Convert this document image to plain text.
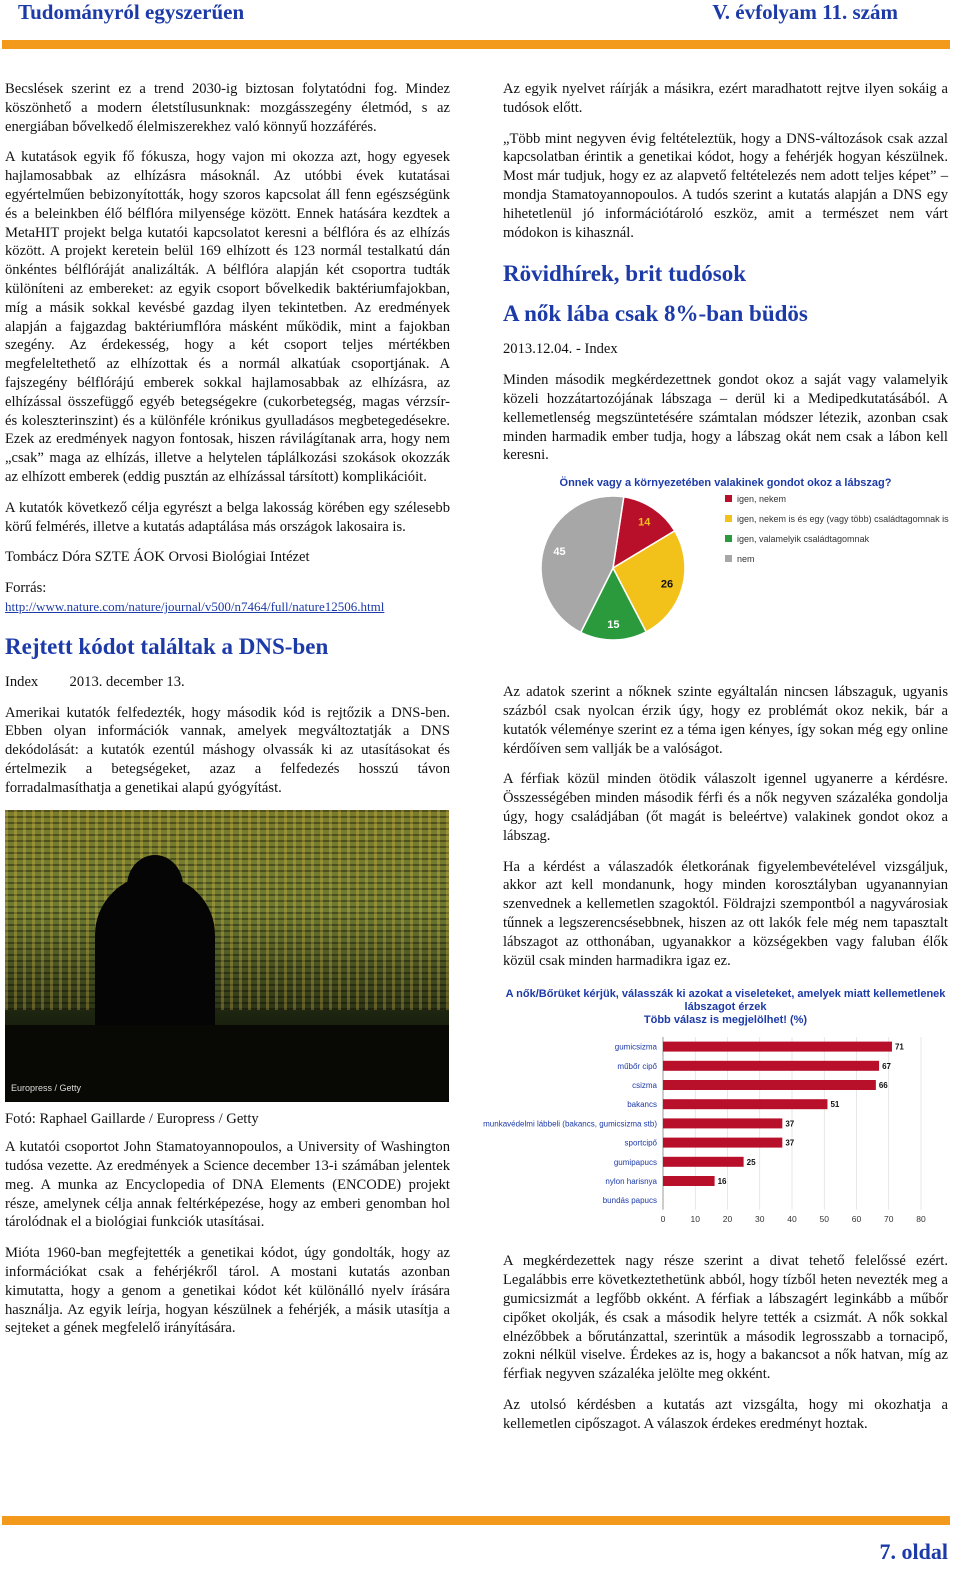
Tudományról egyszerűen	V. évfolyam 11. szám

Becslések szerint ez a trend 2030-ig biztosan folytatódni fog. Mindez köszönhető a modern életstílusunknak: mozgásszegény életmód, s az energiában bővelkedő élelmiszerekhez való könnyű hozzáférés.

A kutatások egyik fő fókusza, hogy vajon mi okozza azt, hogy egyesek hajlamosabbak az elhízásra másoknál. Az utóbbi évek kutatásai egyértelműen bebizonyították, hogy szoros kapcsolat áll fenn egészségünk és a beleinkben élő bélflóra milyensége között. Ennek hatására kezdtek a MetaHIT projekt belga kutatói kapcsolatot keresni a bélflóra és az elhízás között. A projekt keretein belül 169 elhízott és 123 normál testalkatú dán önkéntes bélflóráját analizálták. A bélflóra alapján két csoportra tudták különíteni az embereket: az egyik csoport bővelkedik baktériumfajokban, míg a másik sokkal kevésbé gazdag ilyen tekintetben. Az eredmények alapján a fajgazdag baktériumflóra másként működik, mint a fajokban szegény. Az érdekesség, hogy a két csoport teljes mértékben megfeleltethető az elhízottak és a normál alkatúak csoportjának. A fajszegény bélflórájú emberek sokkal hajlamosabbak az elhízásra, az elhízással összefüggő egyéb betegségekre (cukorbetegség, magas vérzsír- és koleszterinszint) és a különféle krónikus gyulladásos megbetegedésekre. Ezek az eredmények nagyon fontosak, hiszen rávilágítanak arra, hogy nem „csak” maga az elhízás, illetve a helytelen táplálkozási szokások okozzák az elhízott emberek (eddig pusztán az elhízással társított) komplikációit.

A kutatók következő célja egyrészt a belga lakosság körében egy szélesebb körű felmérés, illetve a kutatás adaptálása más országok lakosaira is.

Tombácz Dóra SZTE ÁOK Orvosi Biológiai Intézet

Forrás:
http://www.nature.com/nature/journal/v500/n7464/full/nature12506.html
Rejtett kódot találtak a DNS-ben
Index 2013. december 13.

Amerikai kutatók felfedezték, hogy második kód is rejtőzik a DNS-ben. Ebben olyan információk vannak, amelyek megváltoztatják a DNS dekódolását: a kutatók ezentúl máshogy olvassák ki az utasításokat és értelmezik a betegségeket, azaz a felfedezés hosszú távon forradalmasíthatja a genetikai alapú gyógyítást.

Europress / Getty

Fotó: Raphael Gaillarde / Europress / Getty

A kutatói csoportot John Stamatoyannopoulos, a University of Washington tudósa vezette. Az eredmények a Science december 13-i számában jelentek meg. A munka az Encyclopedia of DNA Elements (ENCODE) projekt része, amelynek célja annak feltérképezése, hogy az emberi genomban hol tárolódnak el a biológiai funkciók utasításai.

Mióta 1960-ban megfejtették a genetikai kódot, úgy gondolták, hogy az információkat csak a fehérjékről tárol. A mostani kutatás azonban kimutatta, hogy a genom a genetikai kódot két különálló nyelv írására használja. Az egyik leírja, hogyan készülnek a fehérjék, a másik utasítja a sejteket a gének megfelelő irányítására.

Az egyik nyelvet ráírják a másikra, ezért maradhatott rejtve ilyen sokáig a tudósok előtt.

„Több mint negyven évig feltételeztük, hogy a DNS-változások csak azzal kapcsolatban érintik a genetikai kódot, hogy a fehérjék hogyan készülnek. Most már tudjuk, hogy ez az alapvető feltételezés nem adott teljes képet” – mondja Stamatoyannopoulos. A tudós szerint a kutatás alapján a DNS egy hihetetlenül jó információtároló eszköz, amit a természet nem várt módokon is kihasznál.

Rövidhírek, brit tudósok
A nők lába csak 8%-ban büdös
2013.12.04. - Index

Minden második megkérdezettnek gondot okoz a saját vagy valamelyik közeli hozzátartozójának lábszaga – derül ki a Medipedkutatásából. A kellemetlenség megszüntetésére számtalan módszer létezik, azonban csak minden harmadik ember tudja, hogy a lábszag okát nem csak a lábon kell keresni.

Önnek vagy a környezetében valakinek gondot okoz a lábszag?
14
26
15
45
igen, nekem
igen, nekem is és egy (vagy több) családtagomnak is
igen, valamelyik családtagomnak
nem

Az adatok szerint a nőknek szinte egyáltalán nincsen lábszaguk, ugyanis százból csak nyolcan érzik úgy, hogy ez problémát okoz nekik, bár a kutatók véleménye szerint ez a téma igen kényes, így sokan még egy online kérdőíven sem vallják be a valóságot.

A férfiak közül minden ötödik válaszolt igennel ugyanerre a kérdésre. Összességében minden második férfi és a nők negyven százaléka gondolja úgy, hogy családjában (őt magát is beleértve) valakinek gondot okoz a lábszag.

Ha a kérdést a válaszadók életkorának figyelembevételével vizsgáljuk, akkor azt kell mondanunk, hogy minden korosztályban ugyanannyian szenvednek a kellemetlen szagoktól. Földrajzi szempontból a nagyvárosiak tűnnek a legszerencsésebbnek, hiszen az ott lakók fele még nem tapasztalt lábszagot az otthonában, ugyanakkor a községekben vagy faluban élők közül csak minden harmadikra igaz ez.

A nők/Bőrüket kérjük, válasszák ki azokat a viseleteket, amelyek miatt kellemetlenek
lábszagot érzek
Több válasz is megjelölhet! (%)
0	10	20	30	40	50	60	70	80
gumicsizma	71
műbőr cipő	67
csizma	66
bakancs	51
munkavédelmi lábbeli (bakancs, gumicsizma stb)	37
sportcipő	37
gumipapucs	25
nylon harisnya	16
bundás papucs

A megkérdezettek nagy része szerint a divat tehető felelőssé ezért. Legalábbis erre következtethetünk abból, hogy tízből heten nevezték meg a gumicsizmát a legfőbb okként. A férfiak a lábszagért leginkább a műbőr cipőket okolják, és csak a második helyre tették a csizmát. A nők sokkal elnézőbbek a bőrutánzattal, szerintük a második legrosszabb a tornacipő, zokni nélkül viselve. Érdekes az is, hogy a bakancsot a nők hatvan, míg az férfiak negyven százaléka jelölte meg okként.

Az utolsó kérdésben a kutatás azt vizsgálta, hogy mi okozhatja a kellemetlen cipőszagot. A válaszok érdekes eredményt hoztak.

7. oldal
